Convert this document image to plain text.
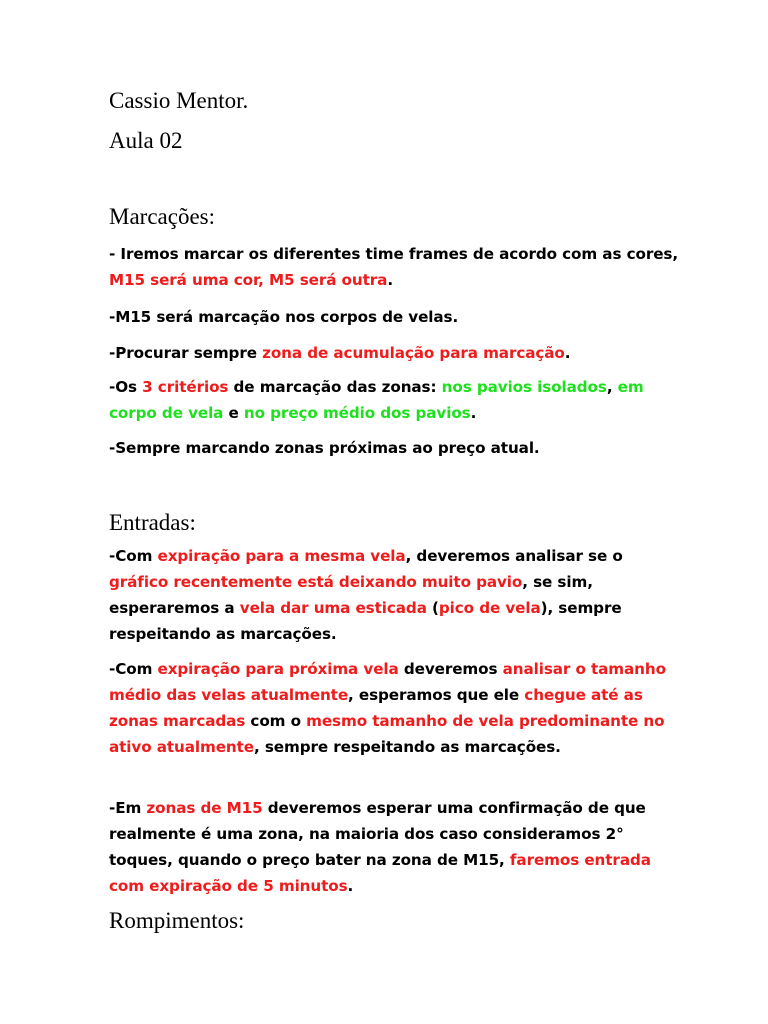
Cassio Mentor.
Aula 02
Marcações:

- Iremos marcar os diferentes time frames de acordo com as cores, M15 será uma cor, M5 será outra.

-M15 será marcação nos corpos de velas.

-Procurar sempre zona de acumulação para marcação.

-Os 3 critérios de marcação das zonas: nos pavios isolados, em corpo de vela e no preço médio dos pavios.

-Sempre marcando zonas próximas ao preço atual.

Entradas:

-Com expiração para a mesma vela, deveremos analisar se o gráfico recentemente está deixando muito pavio, se sim, esperaremos a vela dar uma esticada (pico de vela), sempre respeitando as marcações.

-Com expiração para próxima vela deveremos analisar o tamanho médio das velas atualmente, esperamos que ele chegue até as zonas marcadas com o mesmo tamanho de vela predominante no ativo atualmente, sempre respeitando as marcações.

-Em zonas de M15 deveremos esperar uma confirmação de que realmente é uma zona, na maioria dos caso consideramos 2° toques, quando o preço bater na zona de M15, faremos entrada com expiração de 5 minutos.

Rompimentos:
